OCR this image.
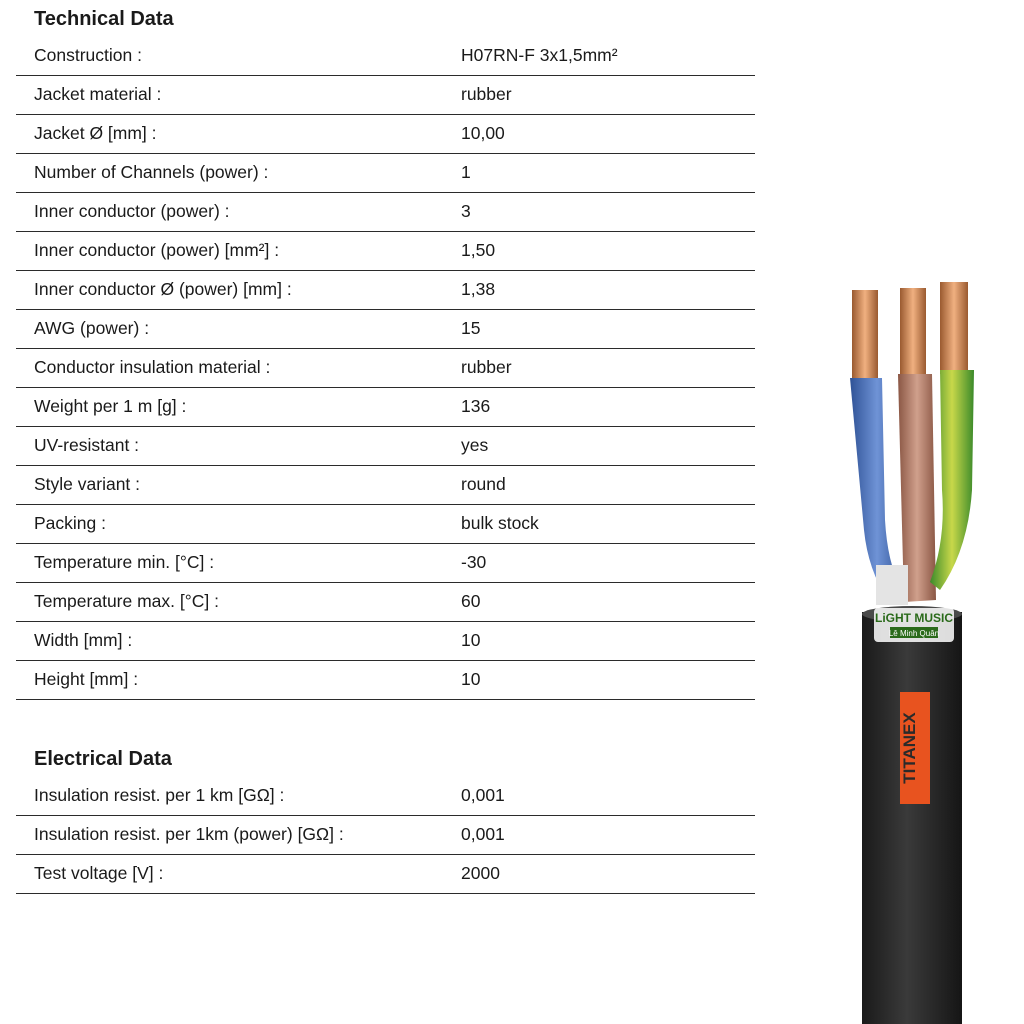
Technical Data
Construction :	H07RN-F 3x1,5mm²
Jacket material :	rubber
Jacket Ø [mm] :	10,00
Number of Channels (power) :	1
Inner conductor (power) :	3
Inner conductor (power) [mm²] :	1,50
Inner conductor Ø (power) [mm] :	1,38
AWG (power) :	15
Conductor insulation material :	rubber
Weight per 1 m [g] :	136
UV-resistant :	yes
Style variant :	round
Packing :	bulk stock
Temperature min. [°C] :	-30
Temperature max. [°C] :	60
Width [mm] :	10
Height [mm] :	10
Electrical Data
Insulation resist. per 1 km [GΩ] :	0,001
Insulation resist. per 1km (power) [GΩ] :	0,001
Test voltage [V] :	2000
TITANEX
LiGHT MUSIC
Lê Minh Quân
